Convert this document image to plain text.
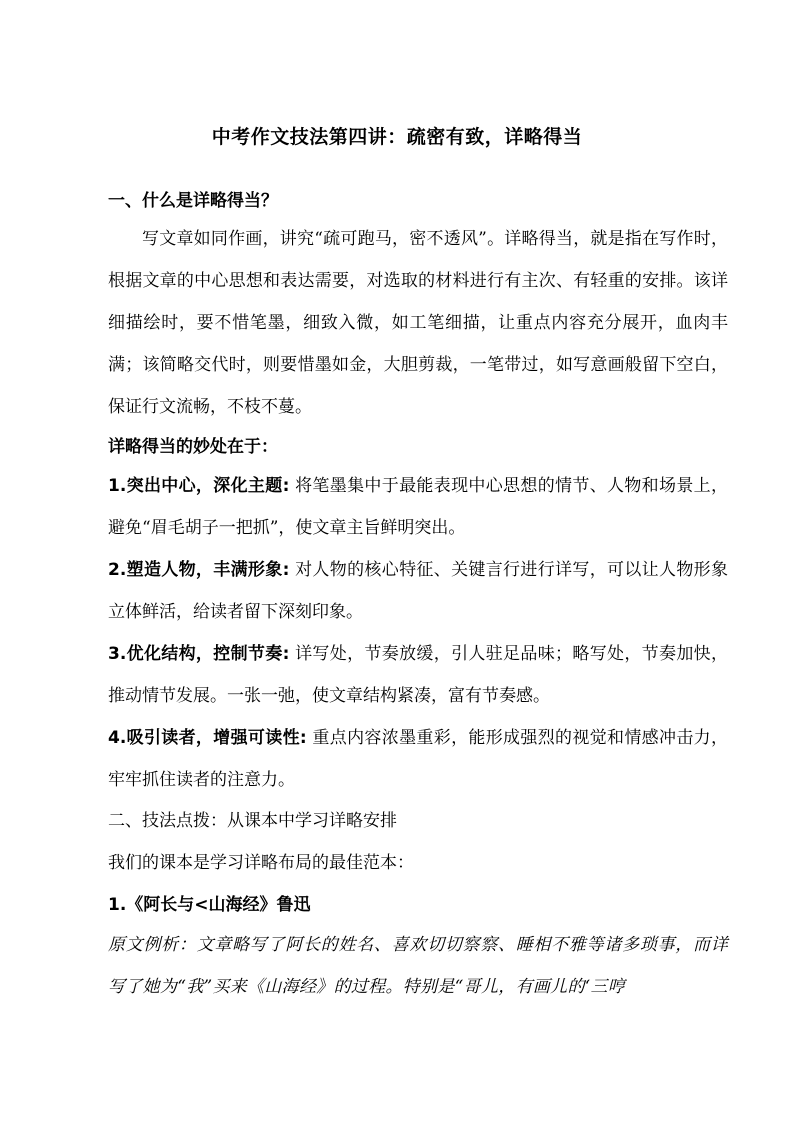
中考作文技法第四讲：疏密有致，详略得当
一、什么是详略得当？
写文章如同作画，讲究“疏可跑马，密不透风”。详略得当，就是指在写作时，根据文章的中心思想和表达需要，对选取的材料进行有主次、有轻重的安排。该详细描绘时，要不惜笔墨，细致入微，如工笔细描，让重点内容充分展开，血肉丰满；该简略交代时，则要惜墨如金，大胆剪裁，一笔带过，如写意画般留下空白，保证行文流畅，不枝不蔓。
详略得当的妙处在于：
1.突出中心，深化主题: 将笔墨集中于最能表现中心思想的情节、人物和场景上，避免“眉毛胡子一把抓”，使文章主旨鲜明突出。
2.塑造人物，丰满形象: 对人物的核心特征、关键言行进行详写，可以让人物形象立体鲜活，给读者留下深刻印象。
3.优化结构，控制节奏: 详写处，节奏放缓，引人驻足品味；略写处，节奏加快，推动情节发展。一张一弛，使文章结构紧凑，富有节奏感。
4.吸引读者，增强可读性: 重点内容浓墨重彩，能形成强烈的视觉和情感冲击力，牢牢抓住读者的注意力。
二、技法点拨：从课本中学习详略安排
我们的课本是学习详略布局的最佳范本：
1.《阿长与<山海经》鲁迅
原文例析：文章略写了阿长的姓名、喜欢切切察察、睡相不雅等诸多琐事，而详写了她为“我”买来《山海经》的过程。特别是“哥儿，有画儿的‘三哼
